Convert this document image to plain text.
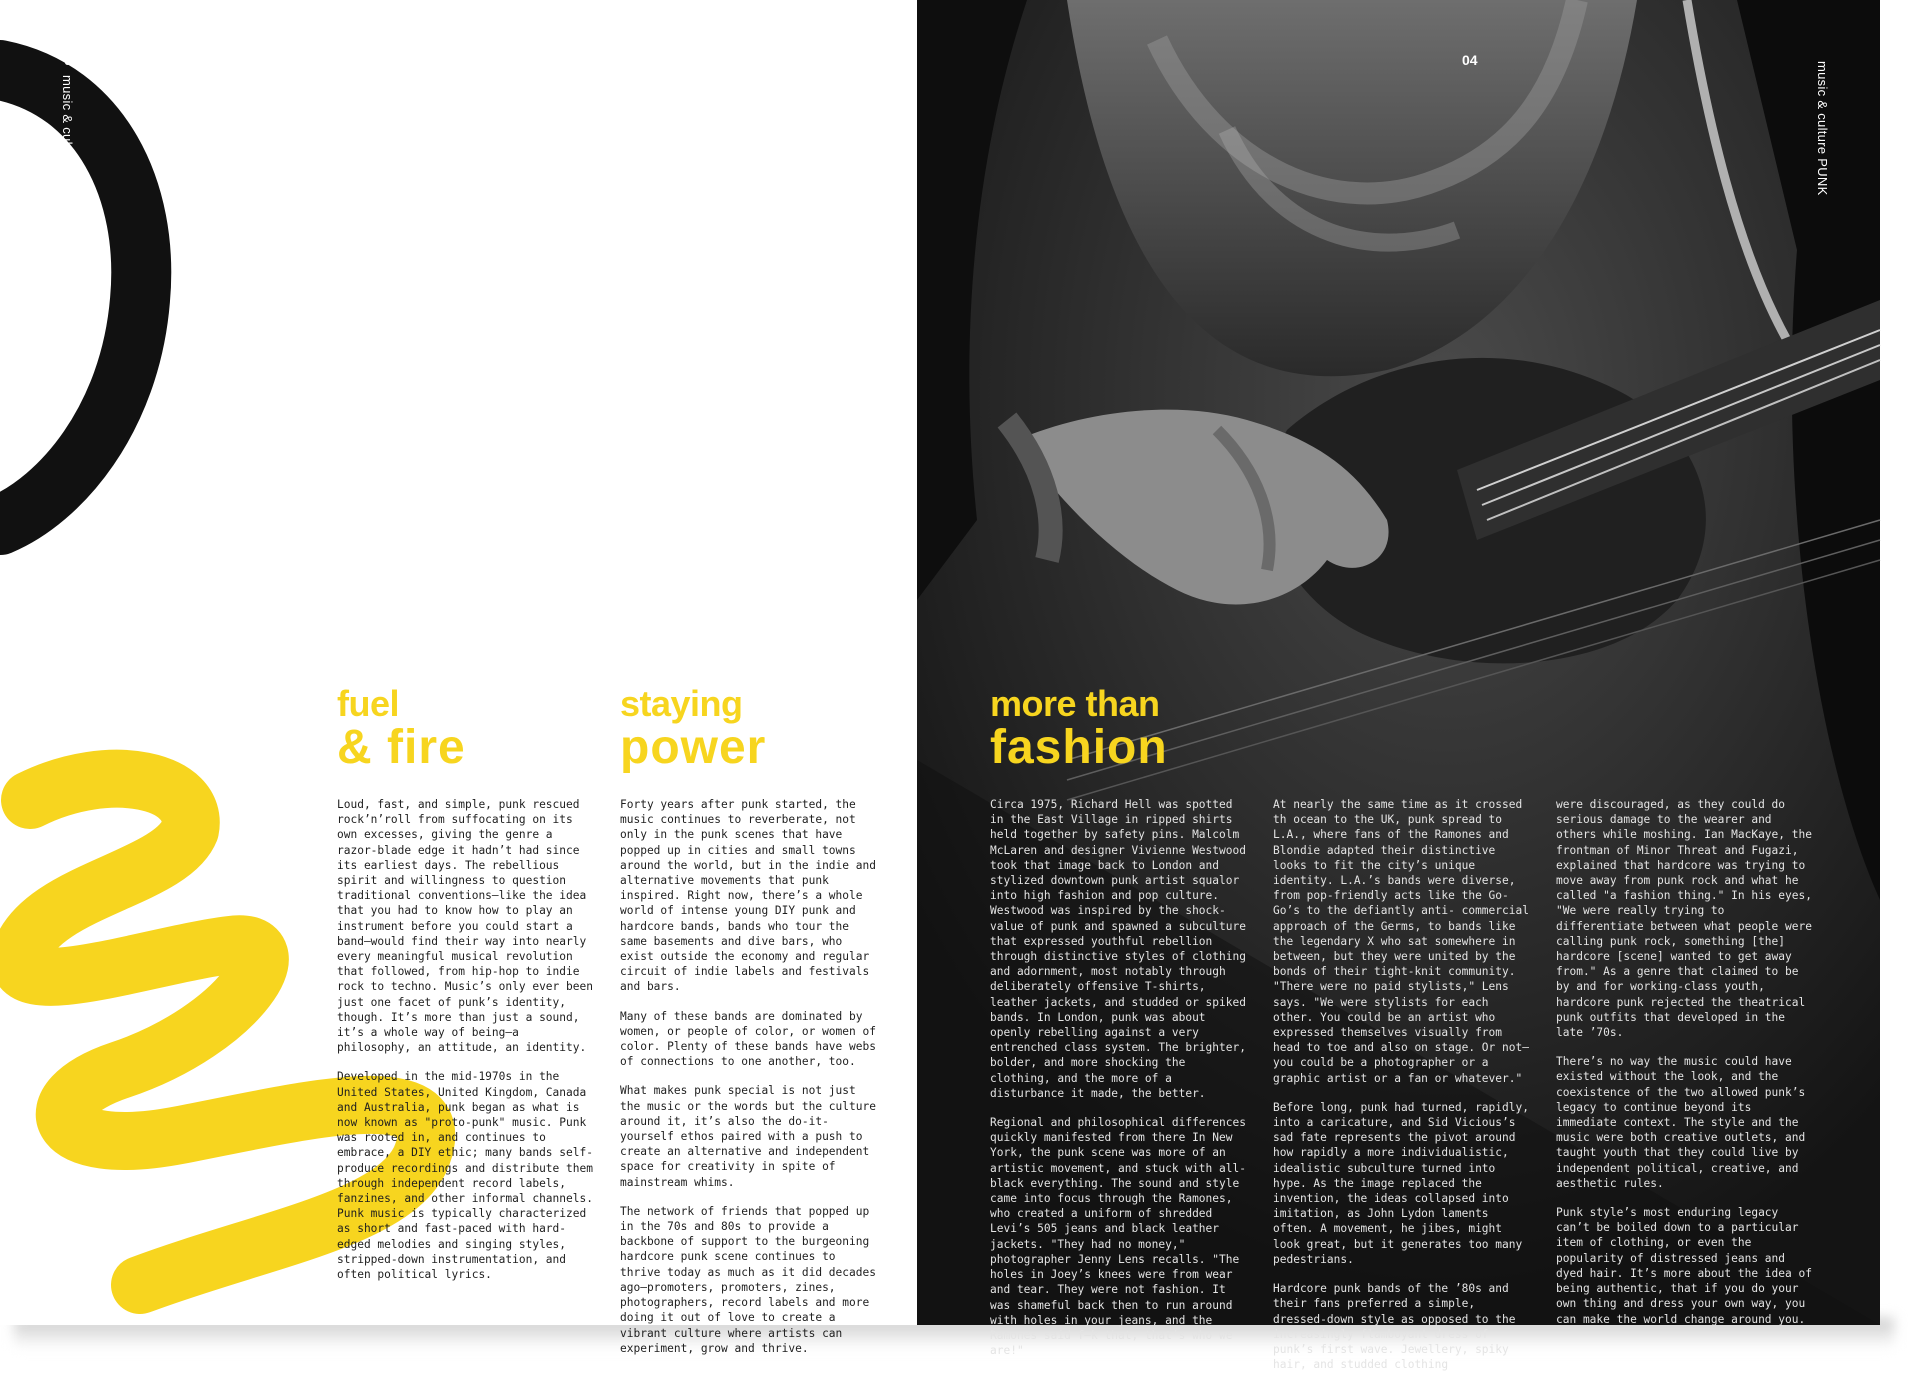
03
music & culture PUNK
fuel
& fire
staying
power

Loud, fast, and simple, punk rescued rock’n’roll from suffocating on its own excesses, giving the genre a razor-blade edge it hadn’t had since its earliest days. The rebellious spirit and willingness to question traditional conventions—like the idea that you had to know how to play an instrument before you could start a band—would find their way into nearly every meaningful musical revolution that followed, from hip-hop to indie rock to techno. Music’s only ever been just one facet of punk’s identity, though. It’s more than just a sound, it’s a whole way of being—a philosophy, an attitude, an identity.

Developed in the mid-1970s in the United States, United Kingdom, Canada and Australia, punk began as what is now known as "proto-punk" music. Punk was rooted in, and continues to embrace, a DIY ethic; many bands self-produce recordings and distribute them through independent record labels, fanzines, and other informal channels. Punk music is typically characterized as short and fast-paced with hard-edged melodies and singing styles, stripped-down instrumentation, and often political lyrics.

Forty years after punk started, the music continues to reverberate, not only in the punk scenes that have popped up in cities and small towns around the world, but in the indie and alternative movements that punk inspired. Right now, there’s a whole world of intense young DIY punk and hardcore bands, bands who tour the same basements and dive bars, who exist outside the economy and regular circuit of indie labels and festivals and bars.

Many of these bands are dominated by women, or people of color, or women of color. Plenty of these bands have webs of connections to one another, too.

What makes punk special is not just the music or the words but the culture around it, it’s also the do-it-yourself ethos paired with a push to create an alternative and independent space for creativity in spite of mainstream whims.

The network of friends that popped up in the 70s and 80s to provide a backbone of support to the burgeoning hardcore punk scene continues to thrive today as much as it did decades ago—promoters, promoters, zines, photographers, record labels and more doing it out of love to create a vibrant culture where artists can experiment, grow and thrive.

04
music & culture PUNK
more than
fashion

Circa 1975, Richard Hell was spotted in the East Village in ripped shirts held together by safety pins. Malcolm McLaren and designer Vivienne Westwood took that image back to London and stylized downtown punk artist squalor into high fashion and pop culture. Westwood was inspired by the shock-value of punk and spawned a subculture that expressed youthful rebellion through distinctive styles of clothing and adornment, most notably through deliberately offensive T-shirts, leather jackets, and studded or spiked bands. In London, punk was about openly rebelling against a very entrenched class system. The brighter, bolder, and more shocking the clothing, and the more of a disturbance it made, the better.

Regional and philosophical differences quickly manifested from there In New York, the punk scene was more of an artistic movement, and stuck with all-black everything. The sound and style came into focus through the Ramones, who created a uniform of shredded Levi’s 505 jeans and black leather jackets. "They had no money," photographer Jenny Lens recalls. "The holes in Joey’s knees were from wear and tear. They were not fashion. It was shameful back then to run around with holes in your jeans, and the Ramones said f—k that, that’s who we are!"

At nearly the same time as it crossed th ocean to the UK, punk spread to L.A., where fans of the Ramones and Blondie adapted their distinctive looks to fit the city’s unique identity. L.A.’s bands were diverse, from pop-friendly acts like the Go-Go’s to the defiantly anti- commercial approach of the Germs, to bands like the legendary X who sat somewhere in between, but they were united by the bonds of their tight-knit community. "There were no paid stylists," Lens says. "We were stylists for each other. You could be an artist who expressed themselves visually from head to toe and also on stage. Or not—you could be a photographer or a graphic artist or a fan or whatever."

Before long, punk had turned, rapidly, into a caricature, and Sid Vicious’s sad fate represents the pivot around how rapidly a more individualistic, idealistic subculture turned into hype. As the image replaced the invention, the ideas collapsed into imitation, as John Lydon laments often. A movement, he jibes, might look great, but it generates too many pedestrians.

Hardcore punk bands of the ’80s and their fans preferred a simple, dressed-down style as opposed to the increasingly flamboyant dress of punk’s first wave. Jewellery, spiky hair, and studded clothing

were discouraged, as they could do serious damage to the wearer and others while moshing. Ian MacKaye, the frontman of Minor Threat and Fugazi, explained that hardcore was trying to move away from punk rock and what he called "a fashion thing." In his eyes, "We were really trying to differentiate between what people were calling punk rock, something [the] hardcore [scene] wanted to get away from." As a genre that claimed to be by and for working-class youth, hardcore punk rejected the theatrical punk outfits that developed in the late ’70s.

There’s no way the music could have existed without the look, and the coexistence of the two allowed punk’s legacy to continue beyond its immediate context. The style and the music were both creative outlets, and taught youth that they could live by independent political, creative, and aesthetic rules.

Punk style’s most enduring legacy can’t be boiled down to a particular item of clothing, or even the popularity of distressed jeans and dyed hair. It’s more about the idea of being authentic, that if you do your own thing and dress your own way, you can make the world change around you.
